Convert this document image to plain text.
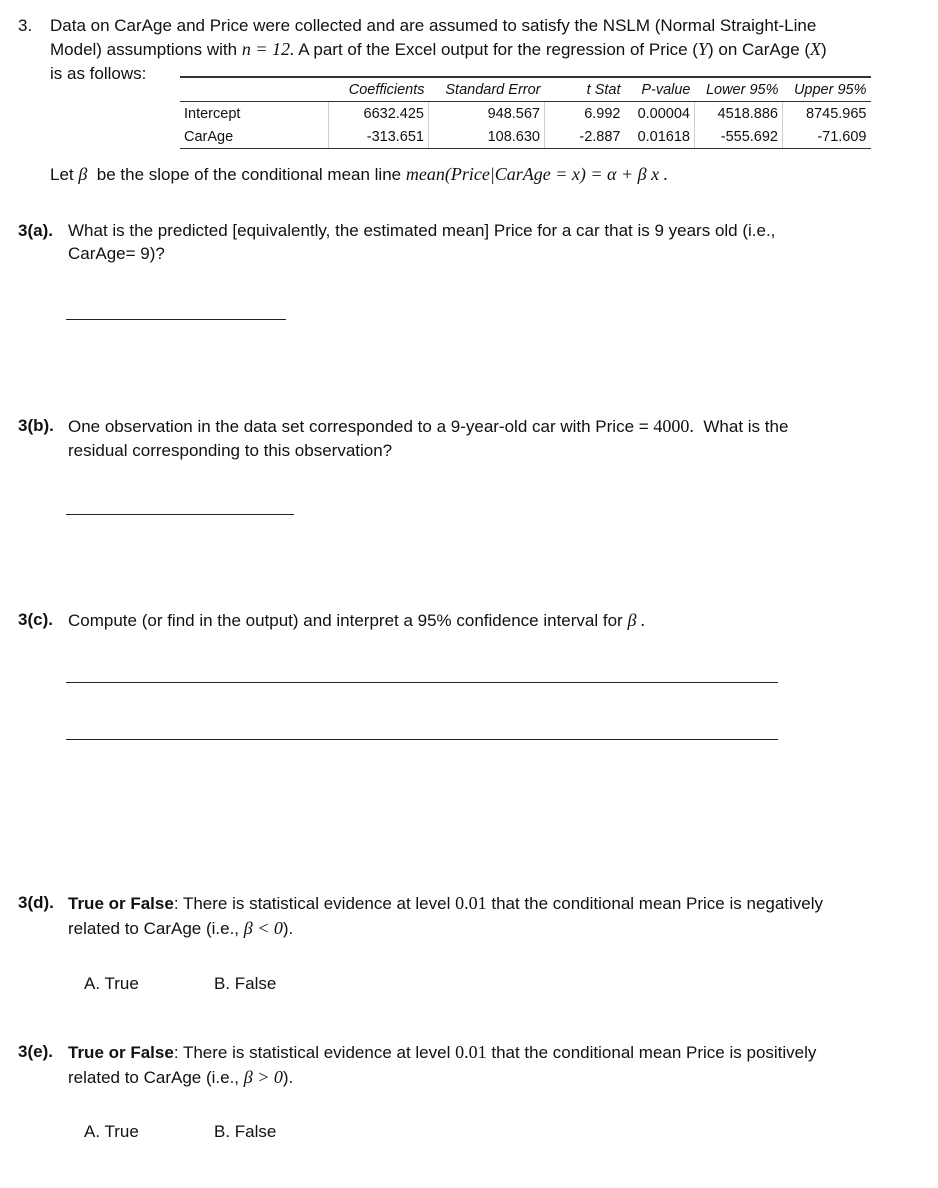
3. Data on CarAge and Price were collected and are assumed to satisfy the NSLM (Normal Straight-Line
Model) assumptions with n = 12. A part of the Excel output for the regression of Price (Y) on CarAge (X)
is as follows:
	Coefficients	Standard Error	t Stat	P-value	Lower 95%	Upper 95%
Intercept	6632.425	948.567	6.992	0.00004	4518.886	8745.965
CarAge	-313.651	108.630	-2.887	0.01618	-555.692	-71.609
Let β be the slope of the conditional mean line mean(Price|CarAge = x) = α + β x .
3(a). What is the predicted [equivalently, the estimated mean] Price for a car that is 9 years old (i.e.,
CarAge= 9)?
3(b). One observation in the data set corresponded to a 9-year-old car with Price = 4000. What is the
residual corresponding to this observation?
3(c). Compute (or find in the output) and interpret a 95% confidence interval for β .
3(d). True or False: There is statistical evidence at level 0.01 that the conditional mean Price is negatively
related to CarAge (i.e., β < 0).
A. True	B. False
3(e). True or False: There is statistical evidence at level 0.01 that the conditional mean Price is positively
related to CarAge (i.e., β > 0).
A. True	B. False
